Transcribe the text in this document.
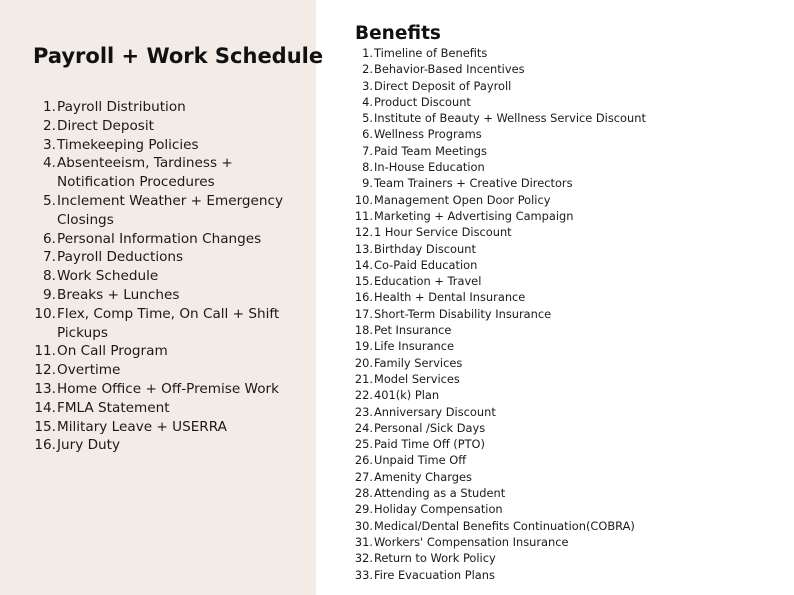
Payroll + Work Schedule
1. Payroll Distribution
2. Direct Deposit
3. Timekeeping Policies
4. Absenteeism, Tardiness + Notification Procedures
5. Inclement Weather + Emergency Closings
6. Personal Information Changes
7. Payroll Deductions
8. Work Schedule
9. Breaks + Lunches
10. Flex, Comp Time, On Call + Shift Pickups
11. On Call Program
12. Overtime
13. Home Office + Off-Premise Work
14. FMLA Statement
15. Military Leave + USERRA
16. Jury Duty
Benefits
1. Timeline of Benefits
2. Behavior-Based Incentives
3. Direct Deposit of Payroll
4. Product Discount
5. Institute of Beauty + Wellness Service Discount
6. Wellness Programs
7. Paid Team Meetings
8. In-House Education
9. Team Trainers + Creative Directors
10. Management Open Door Policy
11. Marketing + Advertising Campaign
12. 1 Hour Service Discount
13. Birthday Discount
14. Co-Paid Education
15. Education + Travel
16. Health + Dental Insurance
17. Short-Term Disability Insurance
18. Pet Insurance
19. Life Insurance
20. Family Services
21. Model Services
22. 401(k) Plan
23. Anniversary Discount
24. Personal /Sick Days
25. Paid Time Off (PTO)
26. Unpaid Time Off
27. Amenity Charges
28. Attending as a Student
29. Holiday Compensation
30. Medical/Dental Benefits Continuation(COBRA)
31. Workers' Compensation Insurance
32. Return to Work Policy
33. Fire Evacuation Plans
